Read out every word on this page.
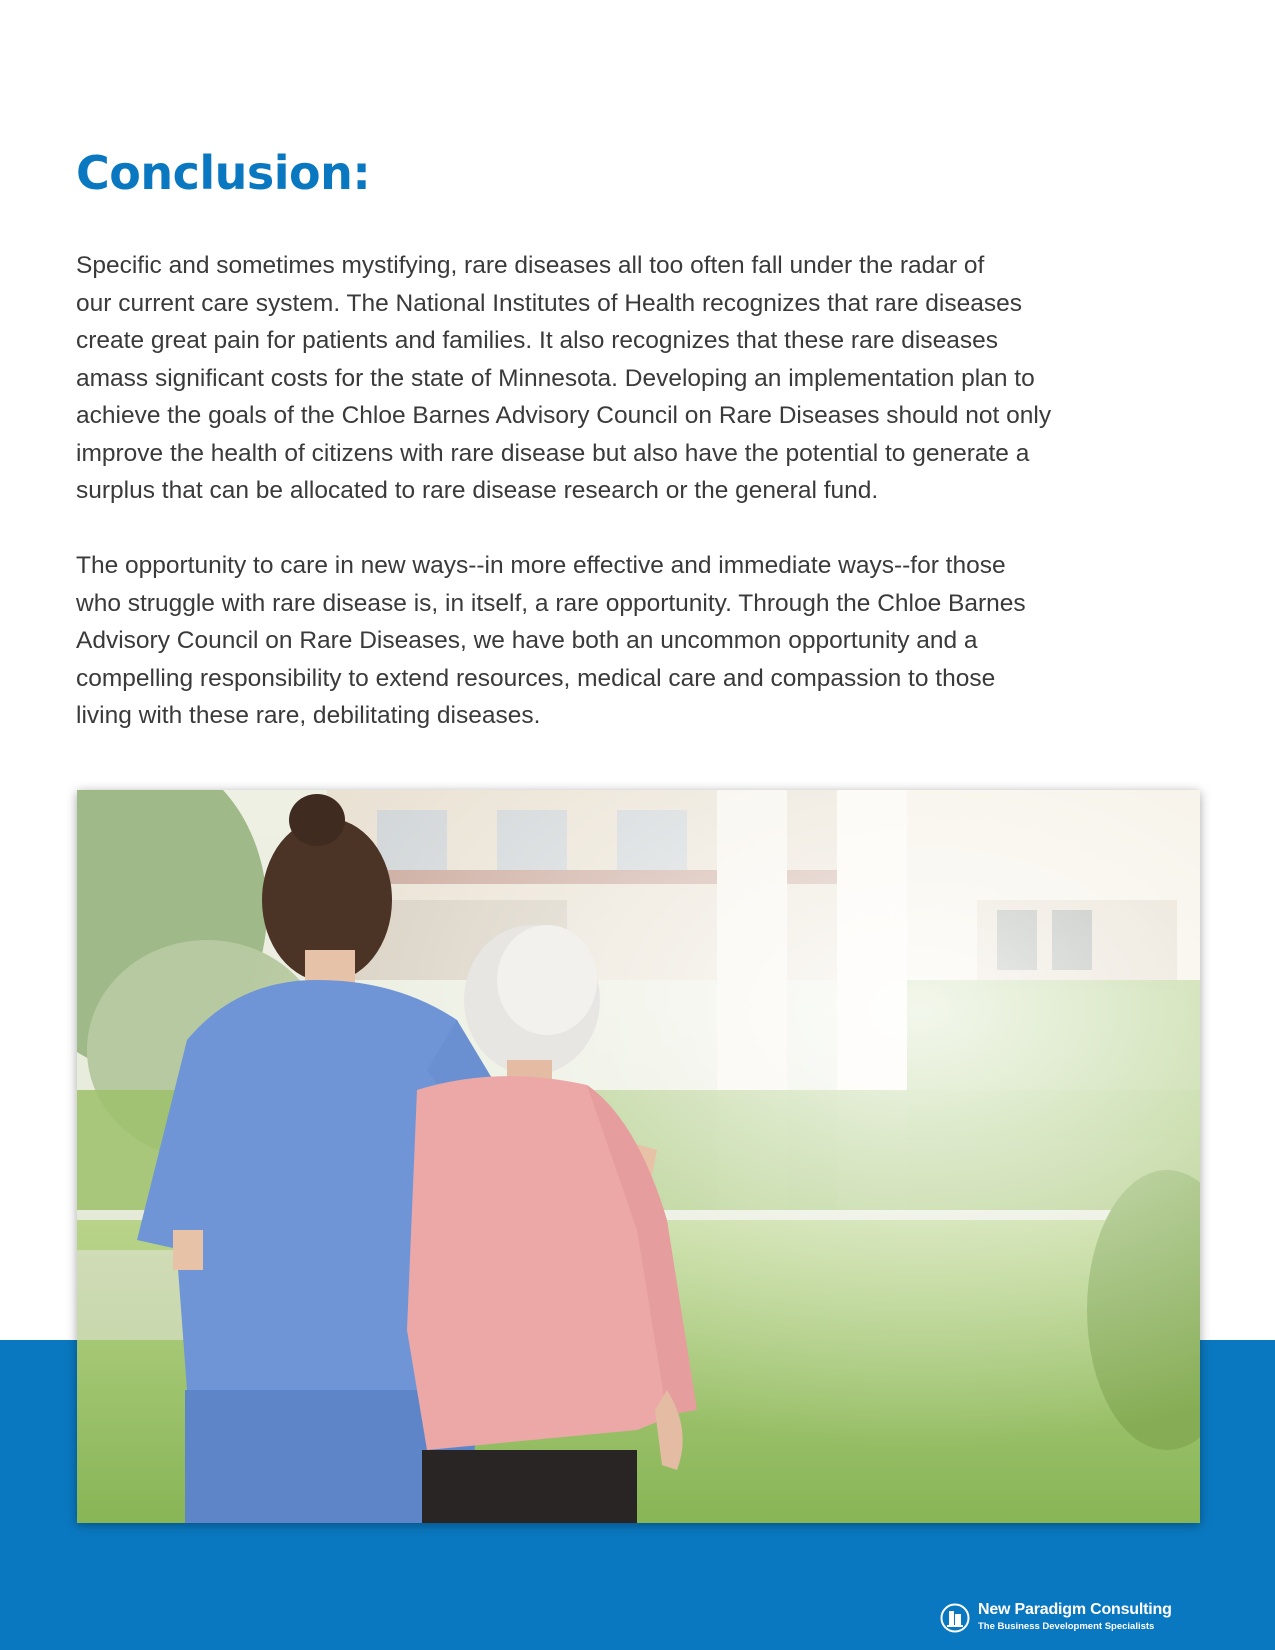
Conclusion:

Specific and sometimes mystifying, rare diseases all too often fall under the radar of
our current care system. The National Institutes of Health recognizes that rare diseases
create great pain for patients and families. It also recognizes that these rare diseases
amass significant costs for the state of Minnesota. Developing an implementation plan to
achieve the goals of the Chloe Barnes Advisory Council on Rare Diseases should not only
improve the health of citizens with rare disease but also have the potential to generate a
surplus that can be allocated to rare disease research or the general fund.

The opportunity to care in new ways--in more effective and immediate ways--for those
who struggle with rare disease is, in itself, a rare opportunity. Through the Chloe Barnes
Advisory Council on Rare Diseases, we have both an uncommon opportunity and a
compelling responsibility to extend resources, medical care and compassion to those
living with these rare, debilitating diseases.

New Paradigm Consulting
The Business Development Specialists
